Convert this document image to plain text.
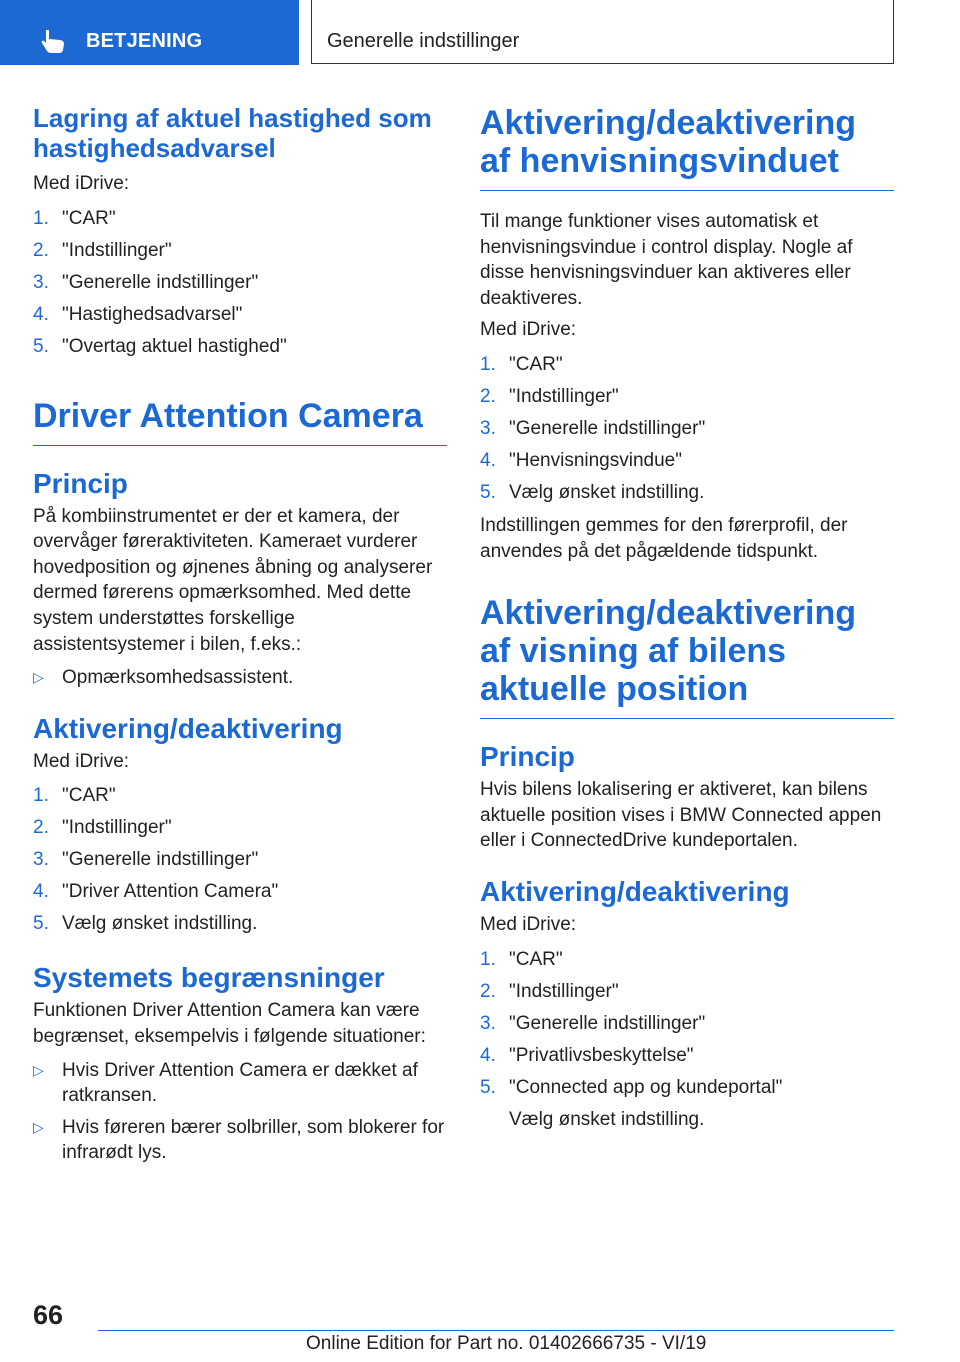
BETJENING	Generelle indstillinger
Lagring af aktuel hastighed som hastighedsadvarsel

Med iDrive:

1. "CAR"
2. "Indstillinger"
3. "Generelle indstillinger"
4. "Hastighedsadvarsel"
5. "Overtag aktuel hastighed"
Driver Attention Camera
Princip

På kombiinstrumentet er der et kamera, der overvåger føreraktiviteten. Kameraet vurderer hovedposition og øjnenes åbning og analyserer dermed førerens opmærksomhed. Med dette system understøttes forskellige assistentsystemer i bilen, f.eks.:

▷ Opmærksomhedsassistent.
Aktivering/deaktivering

Med iDrive:

1. "CAR"
2. "Indstillinger"
3. "Generelle indstillinger"
4. "Driver Attention Camera"
5. Vælg ønsket indstilling.
Systemets begrænsninger

Funktionen Driver Attention Camera kan være begrænset, eksempelvis i følgende situationer:

▷ Hvis Driver Attention Camera er dækket af ratkransen.
▷ Hvis føreren bærer solbriller, som blokerer for infrarødt lys.
Aktivering/deaktivering af henvisningsvinduet

Til mange funktioner vises automatisk et henvisningsvindue i control display. Nogle af disse henvisningsvinduer kan aktiveres eller deaktiveres.

Med iDrive:

1. "CAR"
2. "Indstillinger"
3. "Generelle indstillinger"
4. "Henvisningsvindue"
5. Vælg ønsket indstilling.

Indstillingen gemmes for den førerprofil, der anvendes på det pågældende tidspunkt.

Aktivering/deaktivering af visning af bilens aktuelle position
Princip

Hvis bilens lokalisering er aktiveret, kan bilens aktuelle position vises i BMW Connected appen eller i ConnectedDrive kundeportalen.

Aktivering/deaktivering

Med iDrive:

1. "CAR"
2. "Indstillinger"
3. "Generelle indstillinger"
4. "Privatlivsbeskyttelse"
5. "Connected app og kundeportal"

Vælg ønsket indstilling.

66
Online Edition for Part no. 01402666735 - VI/19
